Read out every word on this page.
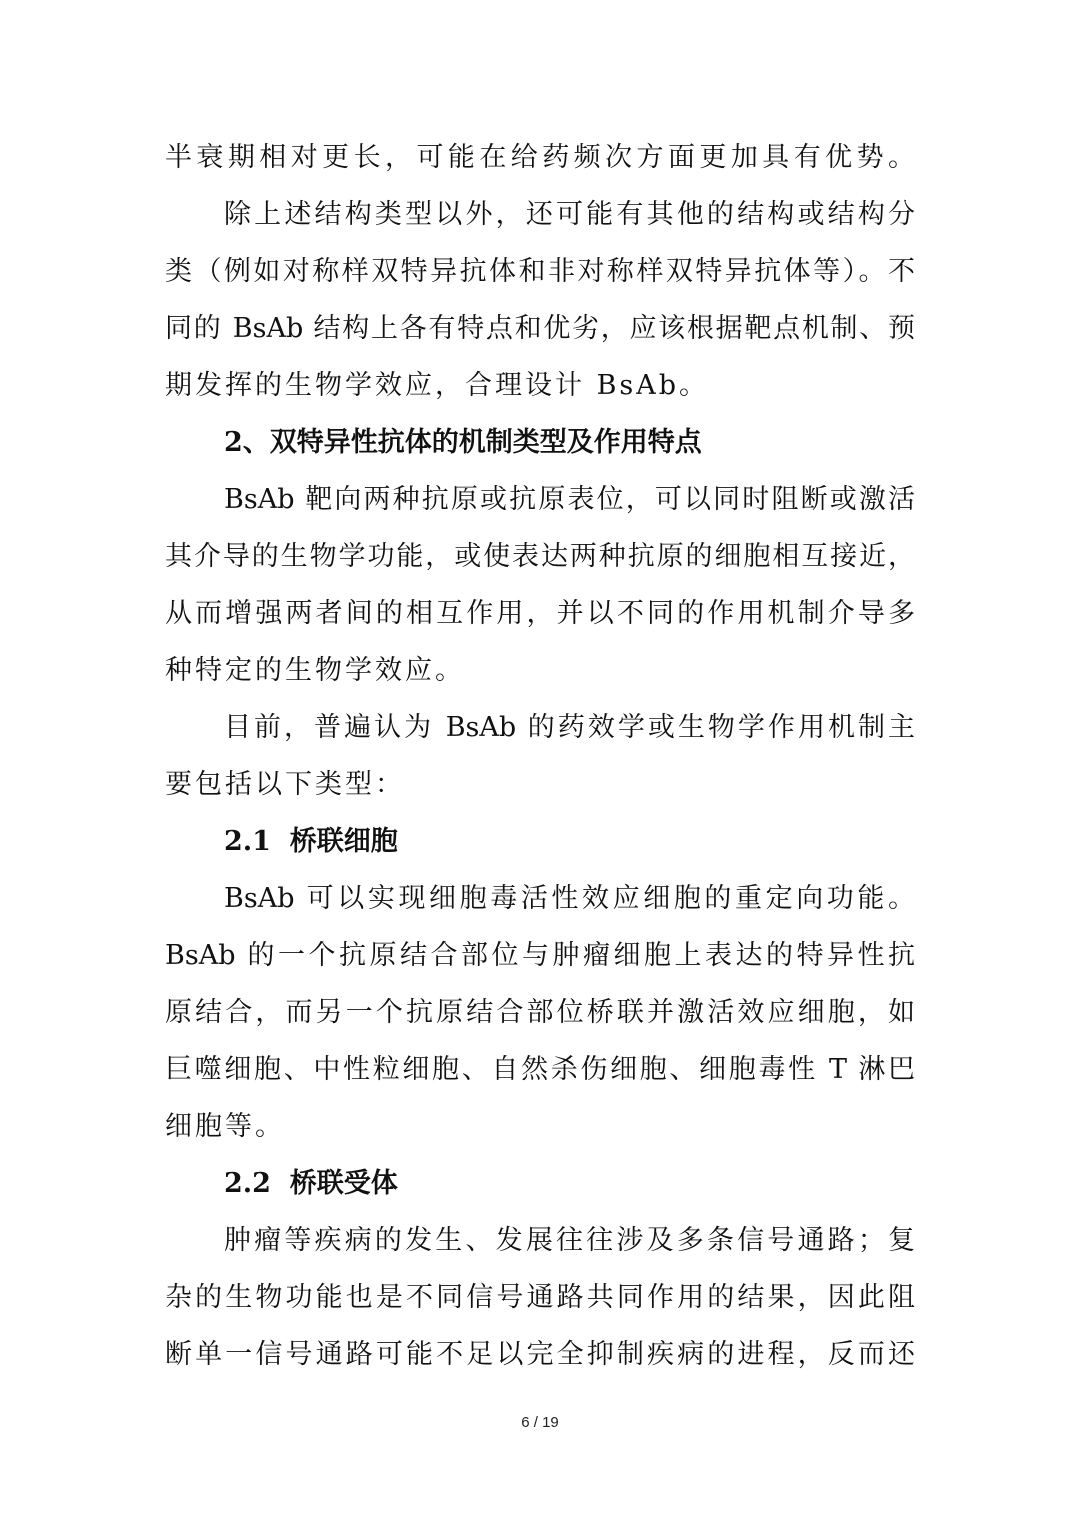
半衰期相对更长，可能在给药频次方面更加具有优势。
除上述结构类型以外，还可能有其他的结构或结构分
类（例如对称样双特异抗体和非对称样双特异抗体等）。不
同的 BsAb 结构上各有特点和优劣，应该根据靶点机制、预
期发挥的生物学效应，合理设计 BsAb。
2、双特异性抗体的机制类型及作用特点
BsAb 靶向两种抗原或抗原表位，可以同时阻断或激活
其介导的生物学功能，或使表达两种抗原的细胞相互接近，
从而增强两者间的相互作用，并以不同的作用机制介导多
种特定的生物学效应。
目前，普遍认为 BsAb 的药效学或生物学作用机制主
要包括以下类型：
2.1  桥联细胞
BsAb 可以实现细胞毒活性效应细胞的重定向功能。
BsAb 的一个抗原结合部位与肿瘤细胞上表达的特异性抗
原结合，而另一个抗原结合部位桥联并激活效应细胞，如
巨噬细胞、中性粒细胞、自然杀伤细胞、细胞毒性 T 淋巴
细胞等。
2.2  桥联受体
肿瘤等疾病的发生、发展往往涉及多条信号通路；复
杂的生物功能也是不同信号通路共同作用的结果，因此阻
断单一信号通路可能不足以完全抑制疾病的进程，反而还
6 / 19
